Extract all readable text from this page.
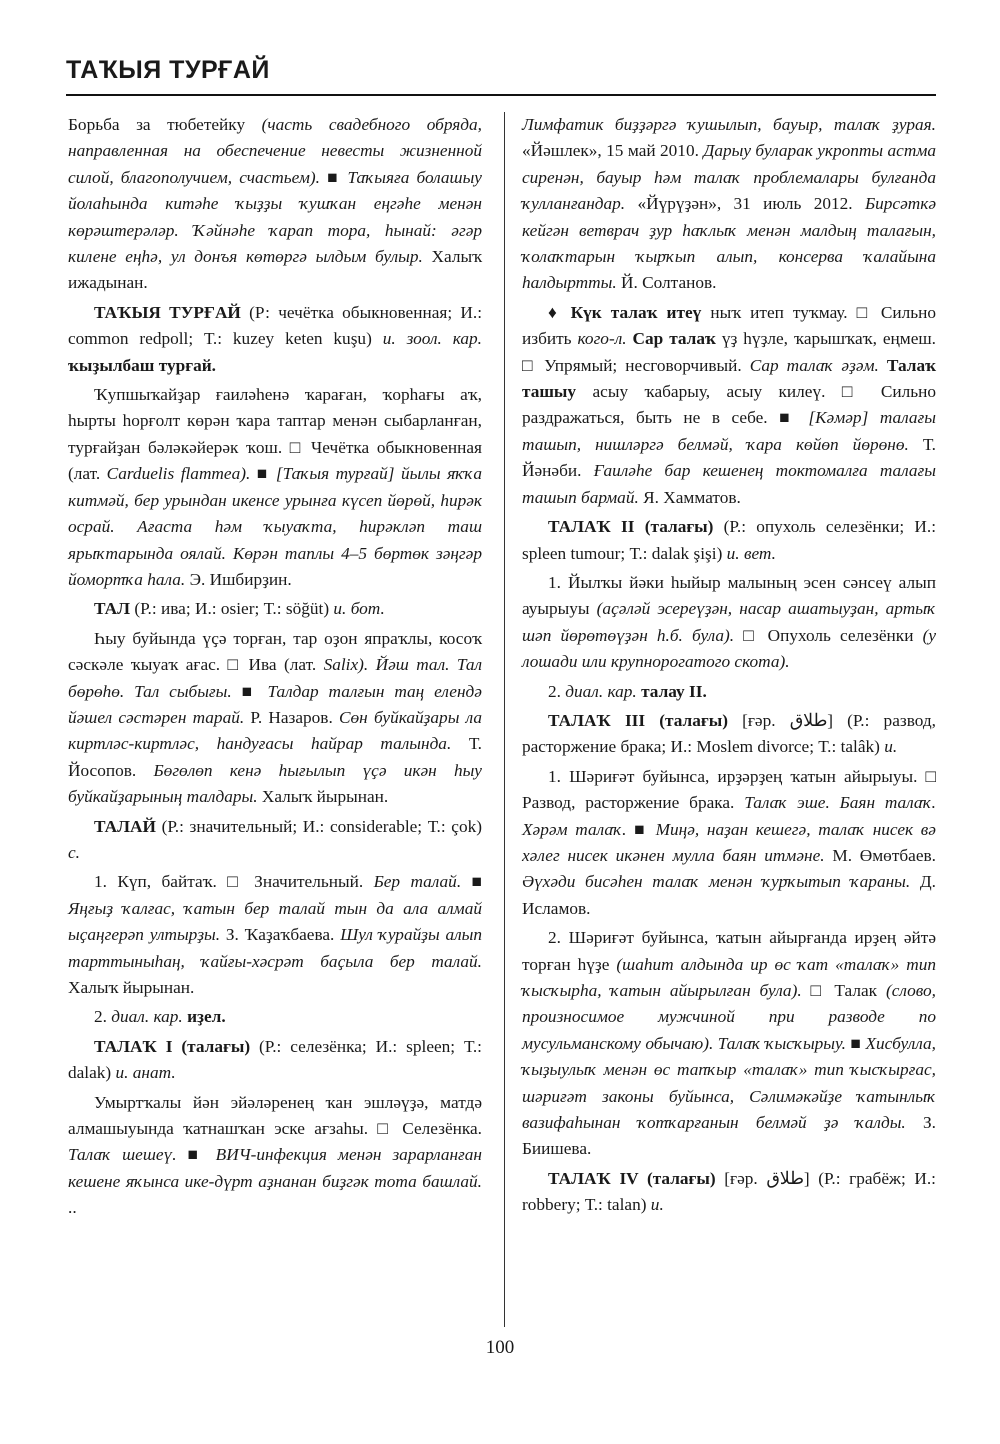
ТАҠЫЯ ТУРҒАЙ

Борьба за тюбетейку (часть свадебного обряда, направленная на обеспечение невесты жизненной силой, благополучием, счастьем). ■ Таҡыяға болашыу йолаһында китәһе ҡыҙҙы ҡушҡан еңгәһе менән көрәштерәләр. Ҡәйнәһе ҡарап тора, һынай: әгәр килене еңһә, ул донъя көтөргә ылдым булыр. Халыҡ ижадынан.

ТАҠЫЯ ТУРҒАЙ (Р: чечётка обыкновенная; И.: common redpoll; Т.: kuzey keten kuşu) и. зоол. кар. ҡыҙылбаш турғай.

Ҡупшыҡайҙар ғаиләһенә ҡараған, ҡорһағы аҡ, һырты һорғолт көрән ҡара таптар менән сыбарланған, турғайҙан бәләкәйерәк ҡош. □ Чечётка обыкновенная (лат. Carduelis flammea). ■ [Таҡыя турғай] йылы яҡҡа китмәй, бер урындан икенсе урынға күсеп йөрөй, һирәк осрай. Ағаста һәм ҡыуаҡта, һирәкләп таш ярыҡтарында оялай. Көрән таплы 4–5 бөртөк зәңгәр йомортҡа һала. Э. Ишбирҙин.

ТАЛ (Р.: ива; И.: osier; Т.: söğüt) и. бот.

Һыу буйында үҫә торған, тар оҙон япраҡлы, косоҡ сәскәле ҡыуаҡ ағас. □ Ива (лат. Salix). Йәш тал. Тал бөрөһө. Тал сыбығы. ■ Талдар талғын таң елендә йәшел сәстәрен тарай. Р. Назаров. Сөн буйкайҙары ла киртләс-киртләс, һандуғасы һайрар талында. Т. Йосопов. Бөгөлөп кенә һығылып үҫә икән һыу буйкайҙарының талдары. Халыҡ йырынан.

ТАЛАЙ (Р.: значительный; И.: considerable; Т.: çok) с.

1. Күп, байтаҡ. □ Значительный. Бер талай. ■ Яңғыҙ ҡалғас, ҡатын бер талай тын да ала алмай ыҫаңгерәп ултырҙы. З. Ҡаҙаҡбаева. Шул ҡурайҙы алып тарттыныһаң, ҡайғы-хәсрәт баҫыла бер талай. Халыҡ йырынан.

2. диал. кар. иҙел.

ТАЛАҠ I (талағы) (Р.: селезёнка; И.: spleen; Т.: dalak) и. анат.

Умыртҡалы йән эйәләренең ҡан эшләүҙә, матдә алмашыуында ҡатнашҡан эске ағзаһы. □ Селезёнка. Талаҡ шешеү. ■ ВИЧ-инфекция менән зарарланған кешене яҡынса ике-дүрт аҙнанан биҙгәк тота башлай. ..

Лимфатик биҙҙәргә ҡушылып, бауыр, талаҡ ҙурая. «Йәшлек», 15 май 2010. Дарыу буларак укропты астма сиренән, бауыр һәм талаҡ проблемалары булғанда ҡулланғандар. «Йүрүҙән», 31 июль 2012. Бирсәткә кейгән ветврач ҙур һаҡлыҡ менән малдың талағын, ҡолаҡтарын ҡырҡып алып, консерва ҡалайына һалдыртты. Й. Солтанов.

♦ Күк талаҡ итеү ныҡ итеп туҡмау. □ Сильно избить кого-л. Сар талаҡ үҙ һүҙле, ҡарышҡаҡ, еңмеш. □ Упрямый; несговорчивый. Сар талаҡ әҙәм. Талаҡ ташыу асыу ҡабарыу, асыу килеү. □ Сильно раздражаться, быть не в себе. ■ [Кәмәр] талағы ташып, нишләргә белмәй, ҡара көйөп йөрөнө. Т. Йәнәби. Ғаиләһе бар кешенең токтомалға талағы ташып бармай. Я. Хамматов.

ТАЛАҠ II (талағы) (Р.: опухоль селезёнки; И.: spleen tumour; Т.: dalak şişi) и. вет.

1. Йылҡы йәки һыйыр малының эсен сәнсеү алып ауырыуы (аҫәләй эсереүҙән, насар ашатыуҙан, артыҡ шәп йөрөтөүҙән һ.б. була). □ Опухоль селезёнки (у лошади или крупнорогатого скота).

2. диал. кар. талау II.

ТАЛАҠ III (талағы) [ғәр. طلاق] (Р.: развод, расторжение брака; И.: Moslem divorce; Т.: talâk) и.

1. Шәриғәт буйынса, ирҙәрҙең ҡатын айырыуы. □ Развод, расторжение брака. Талаҡ эше. Баян талаҡ. Хәрәм талаҡ. ■ Миңә, наҙан кешегә, талаҡ нисек вә хәлег нисек икәнен мулла баян итмәне. М. Өмөтбаев. Әүхәди бисәһен талаҡ менән ҡурҡытып ҡараны. Д. Исламов.

2. Шәриғәт буйынса, ҡатын айырғанда ирҙең әйтә торған һүҙе (шаһит алдында ир өс ҡат «талаҡ» тип ҡысҡырһа, ҡатын айырылған була). □ Талак (слово, произносимое мужчиной при разводе по мусульманскому обычаю). Талаҡ ҡысҡырыу. ■ Хисбулла, ҡыҙыулыҡ менән өс тапҡыр «талаҡ» тип ҡысҡырғас, шәриғәт законы буйынса, Сәлимәкәйҙе ҡатынлыҡ вазифаһынан ҡотҡарғанын белмәй ҙә ҡалды. З. Биишева.

ТАЛАҠ IV (талағы) [ғәр. طلاق] (Р.: грабёж; И.: robbery; Т.: talan) и.

100
